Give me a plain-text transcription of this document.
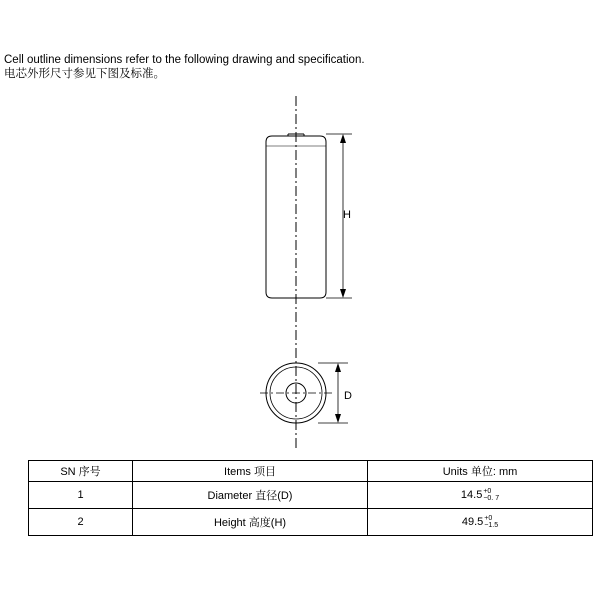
Cell outline dimensions refer to the following drawing and specification.
电芯外形尺寸参见下图及标准。
H
D
SN 序号	Items 项目	Units 单位: mm
1	Diameter 直径(D)	14.5 +0
−0. 7

2	Height 高度(H)	49.5 +0
−1.5
